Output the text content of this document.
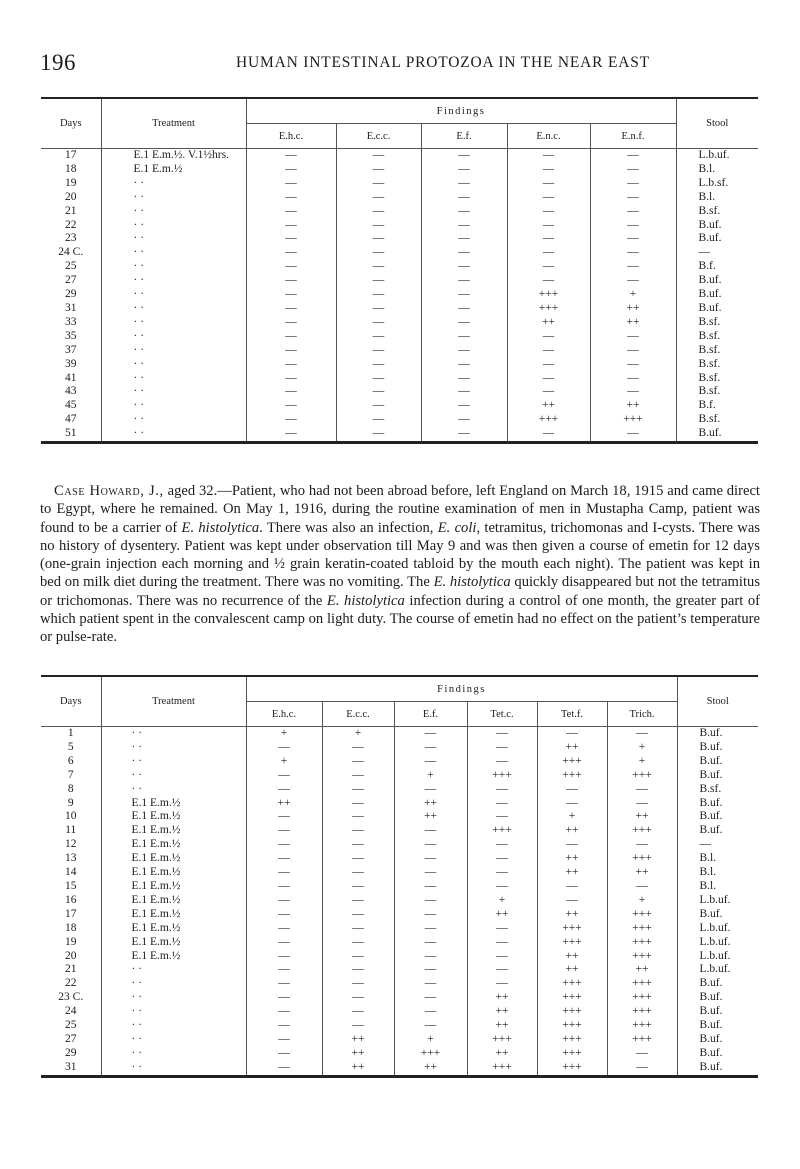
196	HUMAN INTESTINAL PROTOZOA IN THE NEAR EAST
Days	Treatment	Findings					Stool
		E.h.c.	E.c.c.	E.f.	E.n.c.	E.n.f.	
17	E.1 E.m.½. V.1½hrs.	—	—	—	—	—	L.b.uf.
18	E.1 E.m.½	—	—	—	—	—	B.l.
19	· ·	—	—	—	—	—	L.b.sf.
20	· ·	—	—	—	—	—	B.l.
21	· ·	—	—	—	—	—	B.sf.
22	· ·	—	—	—	—	—	B.uf.
23	· ·	—	—	—	—	—	B.uf.
24 C.	· ·	—	—	—	—	—	—
25	· ·	—	—	—	—	—	B.f.
27	· ·	—	—	—	—	—	B.uf.
29	· ·	—	—	—	+++	+	B.uf.
31	· ·	—	—	—	+++	++	B.uf.
33	· ·	—	—	—	++	++	B.sf.
35	· ·	—	—	—	—	—	B.sf.
37	· ·	—	—	—	—	—	B.sf.
39	· ·	—	—	—	—	—	B.sf.
41	· ·	—	—	—	—	—	B.sf.
43	· ·	—	—	—	—	—	B.sf.
45	· ·	—	—	—	++	++	B.f.
47	· ·	—	—	—	+++	+++	B.sf.
51	· ·	—	—	—	—	—	B.uf.

Case Howard, J., aged 32.—Patient, who had not been abroad before, left England on March 18, 1915 and came direct to Egypt, where he remained. On May 1, 1916, during the routine examination of men in Mustapha Camp, patient was found to be a carrier of E. histolytica. There was also an infection, E. coli, tetramitus, trichomonas and I-cysts. There was no history of dysentery. Patient was kept under observation till May 9 and was then given a course of emetin for 12 days (one-grain injection each morning and ½ grain keratin-coated tabloid by the mouth each night). The patient was kept in bed on milk diet during the treatment. There was no vomiting. The E. histolytica quickly disappeared but not the tetramitus or trichomonas. There was no recurrence of the E. histolytica infection during a control of one month, the greater part of which patient spent in the convalescent camp on light duty. The course of emetin had no effect on the patient’s temperature or pulse-rate.

Days	Treatment	Findings						Stool
		E.h.c.	E.c.c.	E.f.	Tet.c.	Tet.f.	Trich.	
1	· ·	+	+	—	—	—	—	B.uf.
5	· ·	—	—	—	—	++	+	B.uf.
6	· ·	+	—	—	—	+++	+	B.uf.
7	· ·	—	—	+	+++	+++	+++	B.uf.
8	· ·	—	—	—	—	—	—	B.sf.
9	E.1 E.m.½	++	—	++	—	—	—	B.uf.
10	E.1 E.m.½	—	—	++	—	+	++	B.uf.
11	E.1 E.m.½	—	—	—	+++	++	+++	B.uf.
12	E.1 E.m.½	—	—	—	—	—	—	—
13	E.1 E.m.½	—	—	—	—	++	+++	B.l.
14	E.1 E.m.½	—	—	—	—	++	++	B.l.
15	E.1 E.m.½	—	—	—	—	—	—	B.l.
16	E.1 E.m.½	—	—	—	+	—	+	L.b.uf.
17	E.1 E.m.½	—	—	—	++	++	+++	B.uf.
18	E.1 E.m.½	—	—	—	—	+++	+++	L.b.uf.
19	E.1 E.m.½	—	—	—	—	+++	+++	L.b.uf.
20	E.1 E.m.½	—	—	—	—	++	+++	L.b.uf.
21	· ·	—	—	—	—	++	++	L.b.uf.
22	· ·	—	—	—	—	+++	+++	B.uf.
23 C.	· ·	—	—	—	++	+++	+++	B.uf.
24	· ·	—	—	—	++	+++	+++	B.uf.
25	· ·	—	—	—	++	+++	+++	B.uf.
27	· ·	—	++	+	+++	+++	+++	B.uf.
29	· ·	—	++	+++	++	+++	—	B.uf.
31	· ·	—	++	++	+++	+++	—	B.uf.
